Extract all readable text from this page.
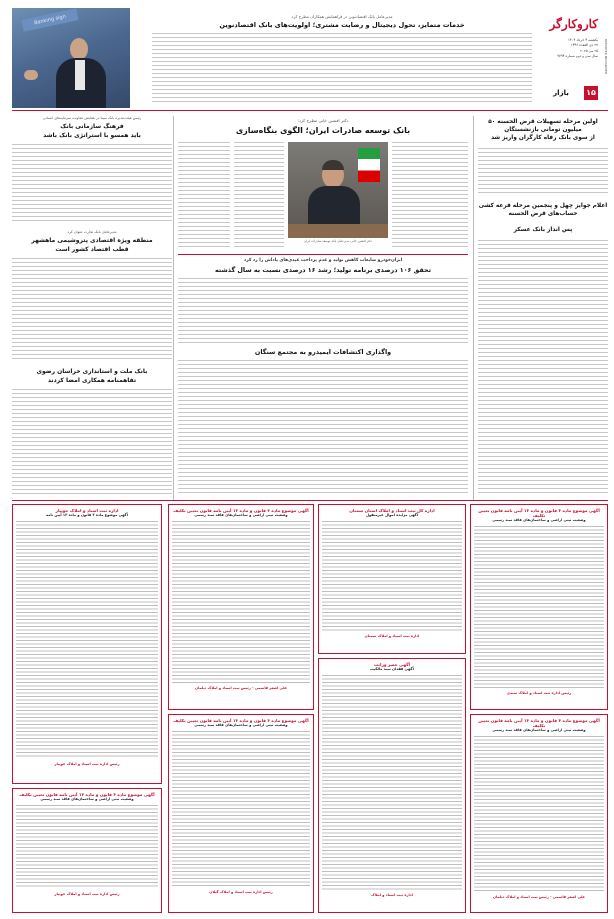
REPORTER NEWSPAPER
کاروکارگر
یکشنبه ۴ خرداد ۱۴۰۴
۲۷ ذی القعده ۱۴۴۶
۲۵ می ۲۰۲۵
سال سی و دوم شماره ۹۷۹۴
۱۵
بازار
مدیرعامل بانک اقتصادنوین در فراهمایش همکاران مطرح کرد
خدمات متمایز، تحول دیجیتال و رضایت مشتری؛ اولویت‌های بانک اقتصادنوین
Banking sign
اولین مرحله تسهیلات قرض الحسنه ۵۰ میلیون تومانی بازنشستگان
از سوی بانک رفاه کارگران واریز شد
اعلام جوایز چهل و پنجمین مرحله قرعه کشی حساب‌های قرض الحسنه
پس انداز بانک عسکر
دکتر افشین خانی مطرح کرد:
بانک توسعه صادرات ایران؛ الگوی بنگاه‌سازی
دکتر افشین خانی مدیرعامل بانک توسعه صادرات ایران
ایران‌خودرو شایعات کاهش تولید و عدم پرداخت عیدی‌های پاداش را رد کرد
تحقق ۱۰۶ درصدی برنامه تولید؛ رشد ۱۶ درصدی نسبت به سال گذشته
واگذاری اکتشافات ایمیدرو به مجتمع سنگان
رئیس هیئت‌مدیره بانک سینا در همایش معاونت سرمایه‌های انسانی
فرهنگ سازمانی بانک
باید همسو با استراتژی بانک باشد
مدیرعامل بانک تجارت عنوان کرد
منطقه ویژه اقتصادی پتروشیمی ماهشهر
قطب اقتصاد کشور است
بانک ملت و استانداری خراسان رضوی
تفاهمنامه همکاری امضا کردند
آگهی موضوع ماده ۳ قانون و ماده ۱۳ آیین نامه قانون تعیین تکلیف
وضعیت ثبتی اراضی و ساختمان‌های فاقد سند رسمی
رئیس اداره ثبت اسناد و املاک سیدی
آگهی موضوع ماده ۳ قانون و ماده ۱۳ آیین نامه قانون تعیین تکلیف
وضعیت ثبتی اراضی و ساختمان‌های فاقد سند رسمی
علی اصغر قاسمی - رئیس ثبت اسناد و املاک دیلمان
اداره کل ثبت اسناد و املاک استان سمنان
آگهی مزایده اموال غیرمنقول
اداره ثبت اسناد و املاک سمنان
آگهی حصر وراثت
آگهی فقدان سند مالکیت
اداره ثبت اسناد و املاک
آگهی موضوع ماده ۳ قانون و ماده ۱۳ آیین نامه قانون تعیین تکلیف
وضعیت ثبتی اراضی و ساختمان‌های فاقد سند رسمی
علی اصغر قاسمی - رئیس ثبت اسناد و املاک دیلمان
آگهی موضوع ماده ۳ قانون و ماده ۱۳ آیین نامه قانون تعیین تکلیف
وضعیت ثبتی اراضی و ساختمان‌های فاقد سند رسمی
رئیس اداره ثبت اسناد و املاک گیلان
اداره ثبت اسناد و املاک جویبار
آگهی موضوع ماده ۳ قانون و ماده ۱۳ آیین نامه
رئیس اداره ثبت اسناد و املاک جویبار
آگهی موضوع ماده ۳ قانون و ماده ۱۳ آیین نامه قانون تعیین تکلیف
وضعیت ثبتی اراضی و ساختمان‌های فاقد سند رسمی
رئیس اداره ثبت اسناد و املاک جویبار
